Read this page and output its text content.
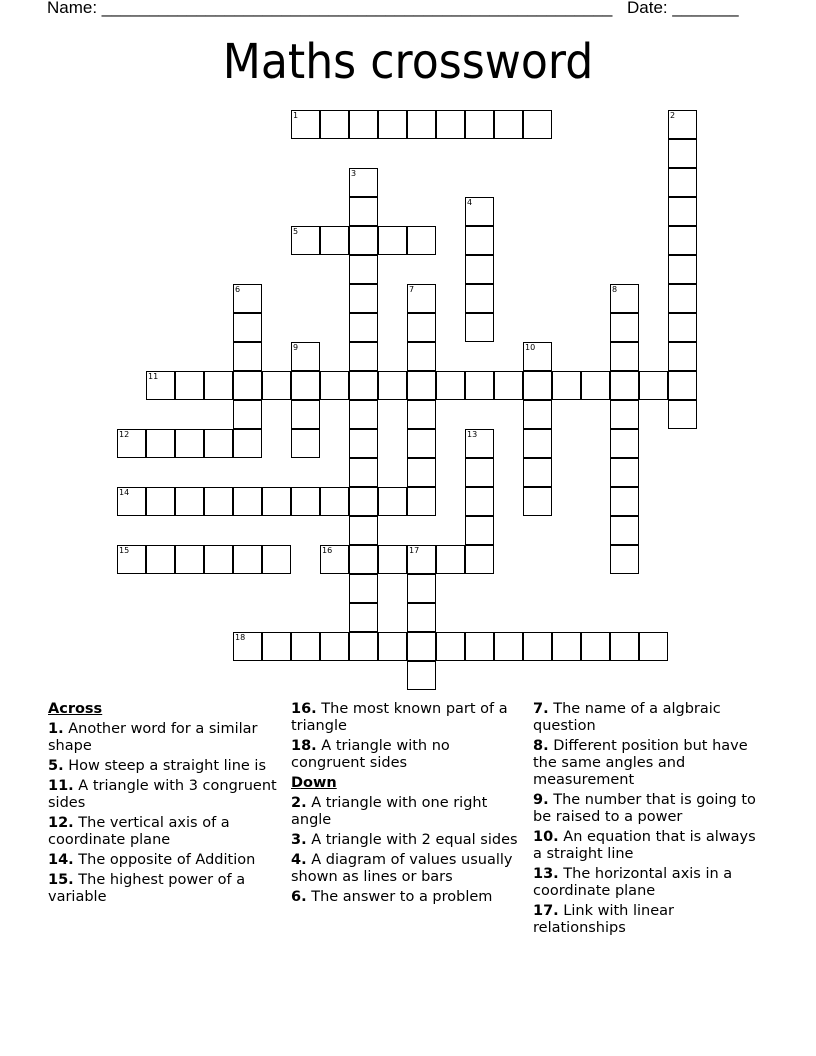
Name: ______________________________________________________ Date: _______
Maths crossword
1	2
3
4
5
6	7	8
9	10
11
12	13
14
15	16	17
18
Across
1. Another word for a similar shape
5. How steep a straight line is
11. A triangle with 3 congruent sides
12. The vertical axis of a coordinate plane
14. The opposite of Addition
15. The highest power of a variable
16. The most known part of a triangle
18. A triangle with no congruent sides
Down
2. A triangle with one right angle
3. A triangle with 2 equal sides
4. A diagram of values usually shown as lines or bars
6. The answer to a problem
7. The name of a algbraic question
8. Different position but have the same angles and measurement
9. The number that is going to be raised to a power
10. An equation that is always a straight line
13. The horizontal axis in a coordinate plane
17. Link with linear relationships
